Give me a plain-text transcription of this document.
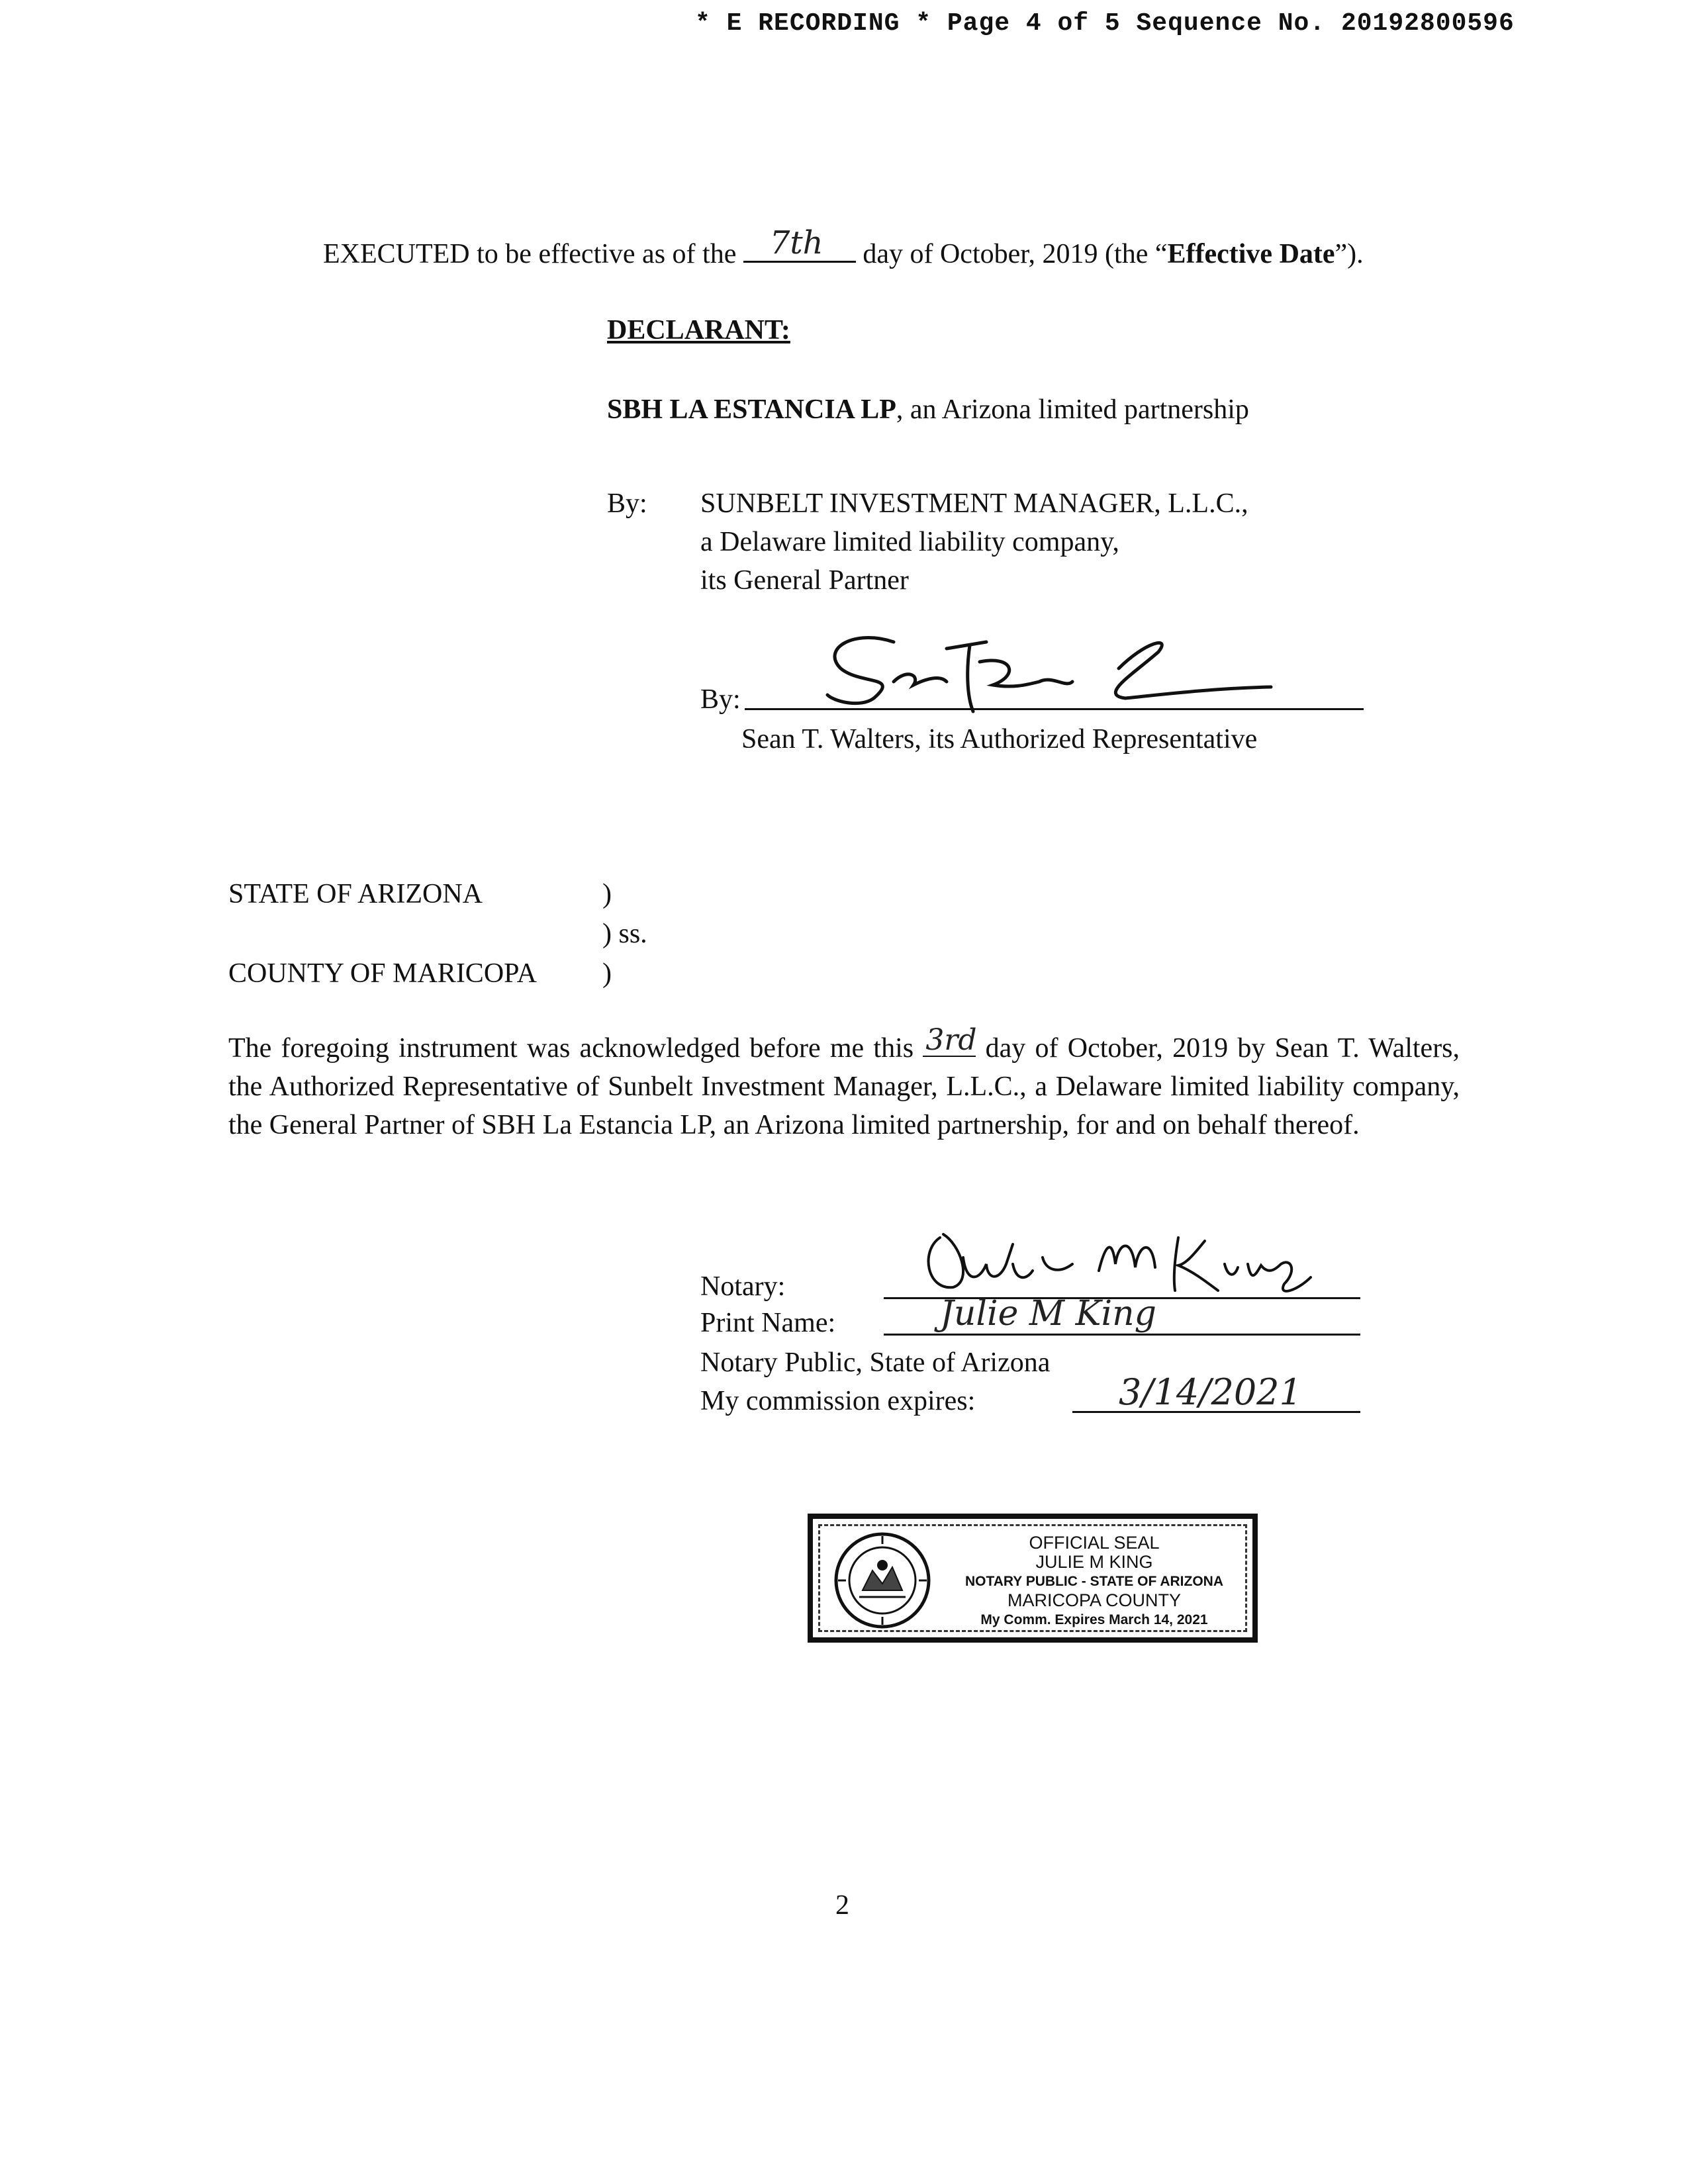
* E RECORDING * Page 4 of 5 Sequence No. 20192800596
EXECUTED to be effective as of the 7th day of October, 2019 (the “Effective Date”).
DECLARANT:
SBH LA ESTANCIA LP, an Arizona limited partnership
By: SUNBELT INVESTMENT MANAGER, L.L.C.,
a Delaware limited liability company,
its General Partner
By:
Sean T. Walters, its Authorized Representative
STATE OF ARIZONA	)
) ss.
COUNTY OF MARICOPA )
The foregoing instrument was acknowledged before me this 3rd day of October, 2019 by Sean T. Walters, the Authorized Representative of Sunbelt Investment Manager, L.L.C., a Delaware limited liability company, the General Partner of SBH La Estancia LP, an Arizona limited partnership, for and on behalf thereof.
Notary:
Print Name:	Julie M King
Notary Public, State of Arizona
My commission expires:	3/14/2021
OFFICIAL SEAL
JULIE M KING
NOTARY PUBLIC - STATE OF ARIZONA
MARICOPA COUNTY
My Comm. Expires March 14, 2021
2
